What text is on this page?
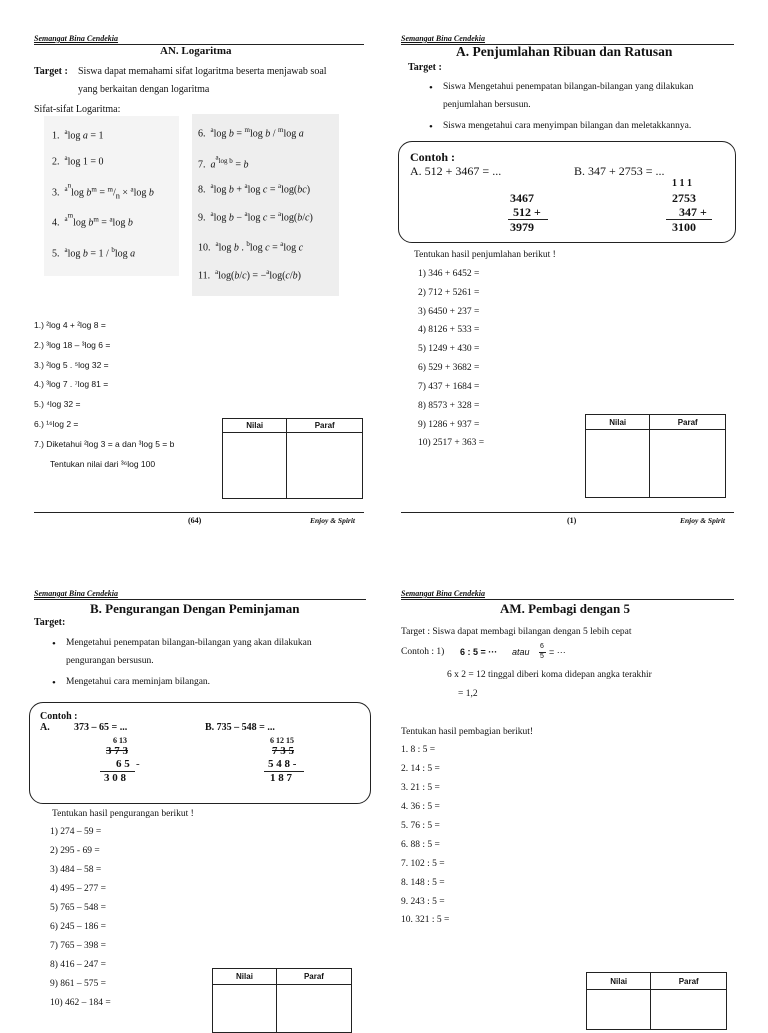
Semangat Bina Cendekia
AN. Logaritma
Target : Siswa dapat memahami sifat logaritma beserta menjawab soal
yang berkaitan dengan logaritma
Sifat-sifat Logaritma:
1. $^a$log a = 1
2. $^a$log 1 = 0
3. $^{a^n}$log $b^m = ^m/_n \times ^a\log$ b
4. $^{a^m}$log $b^m = ^a\log$ b
5. $^a$log b = 1 / $^b$log a
6. $^a$log b = $^m$log b / $^m$log a
7. $a^{^alog b} = b$
8. $^a$log b + $^a$log c = $^a$log(bc)
9. $^a$log b − $^a$log c = $^a$log(b/c)
10. $^a$log b . $^b$log c = $^a$log c
11. $^a$log(b/c) = −$^a$log(c/b)
1.) ²log 4 + ²log 8 =
2.) ³log 18 – ³log 6 =
3.) ²log 5 . ⁵log 32 =
4.) ³log 7 . ⁷log 81 =
5.) ⁴log 32 =
6.) ¹⁶log 2 =
7.) Diketahui ²log 3 = a dan ³log 5 = b
Tentukan nilai dari ³⁶log 100
Nilai	Paraf

(64)	Enjoy & Spirit
Semangat Bina Cendekia
A. Penjumlahan Ribuan dan Ratusan
Target :
• Siswa Mengetahui penempatan bilangan-bilangan yang dilakukan
penjumlahan bersusun.
• Siswa mengetahui cara menyimpan bilangan dan meletakkannya.
Contoh :
A. 512 + 3467 = ...	B. 347 + 2753 = ...
3467
512 +
3979
1 1 1
2753
347 +
3100
Tentukan hasil penjumlahan berikut !
1) 346 + 6452 =
2) 712 + 5261 =
3) 6450 + 237 =
4) 8126 + 533 =
5) 1249 + 430 =
6) 529 + 3682 =
7) 437 + 1684 =
8) 8573 + 328 =
9) 1286 + 937 =
10) 2517 + 363 =
Nilai	Paraf

(1)	Enjoy & Spirit
Semangat Bina Cendekia
B. Pengurangan Dengan Peminjaman
Target:
• Mengetahui penempatan bilangan-bilangan yang akan dilakukan
pengurangan bersusun.
• Mengetahui cara meminjam bilangan.
Contoh :
A. 373 – 65 = ...	B. 735 – 548 = ...
6 13
3 7 3
6 5 -
3 0 8
6 12 15
7 3 5
5 4 8 -
1 8 7
Tentukan hasil pengurangan berikut !
1) 274 – 59 =
2) 295 - 69 =
3) 484 – 58 =
4) 495 – 277 =
5) 765 – 548 =
6) 245 – 186 =
7) 765 – 398 =
8) 416 – 247 =
9) 861 – 575 =
10) 462 – 184 =
Nilai	Paraf

Semangat Bina Cendekia
AM. Pembagi dengan 5
Target : Siswa dapat membagi bilangan dengan 5 lebih cepat
Contoh : 1) 6 : 5 = ··· atau
6
5 = ···
6 x 2 = 12 tinggal diberi koma didepan angka terakhir
= 1,2
Tentukan hasil pembagian berikut!
1. 8 : 5 =
2. 14 : 5 =
3. 21 : 5 =
4. 36 : 5 =
5. 76 : 5 =
6. 88 : 5 =
7. 102 : 5 =
8. 148 : 5 =
9. 243 : 5 =
10. 321 : 5 =
Nilai	Paraf
